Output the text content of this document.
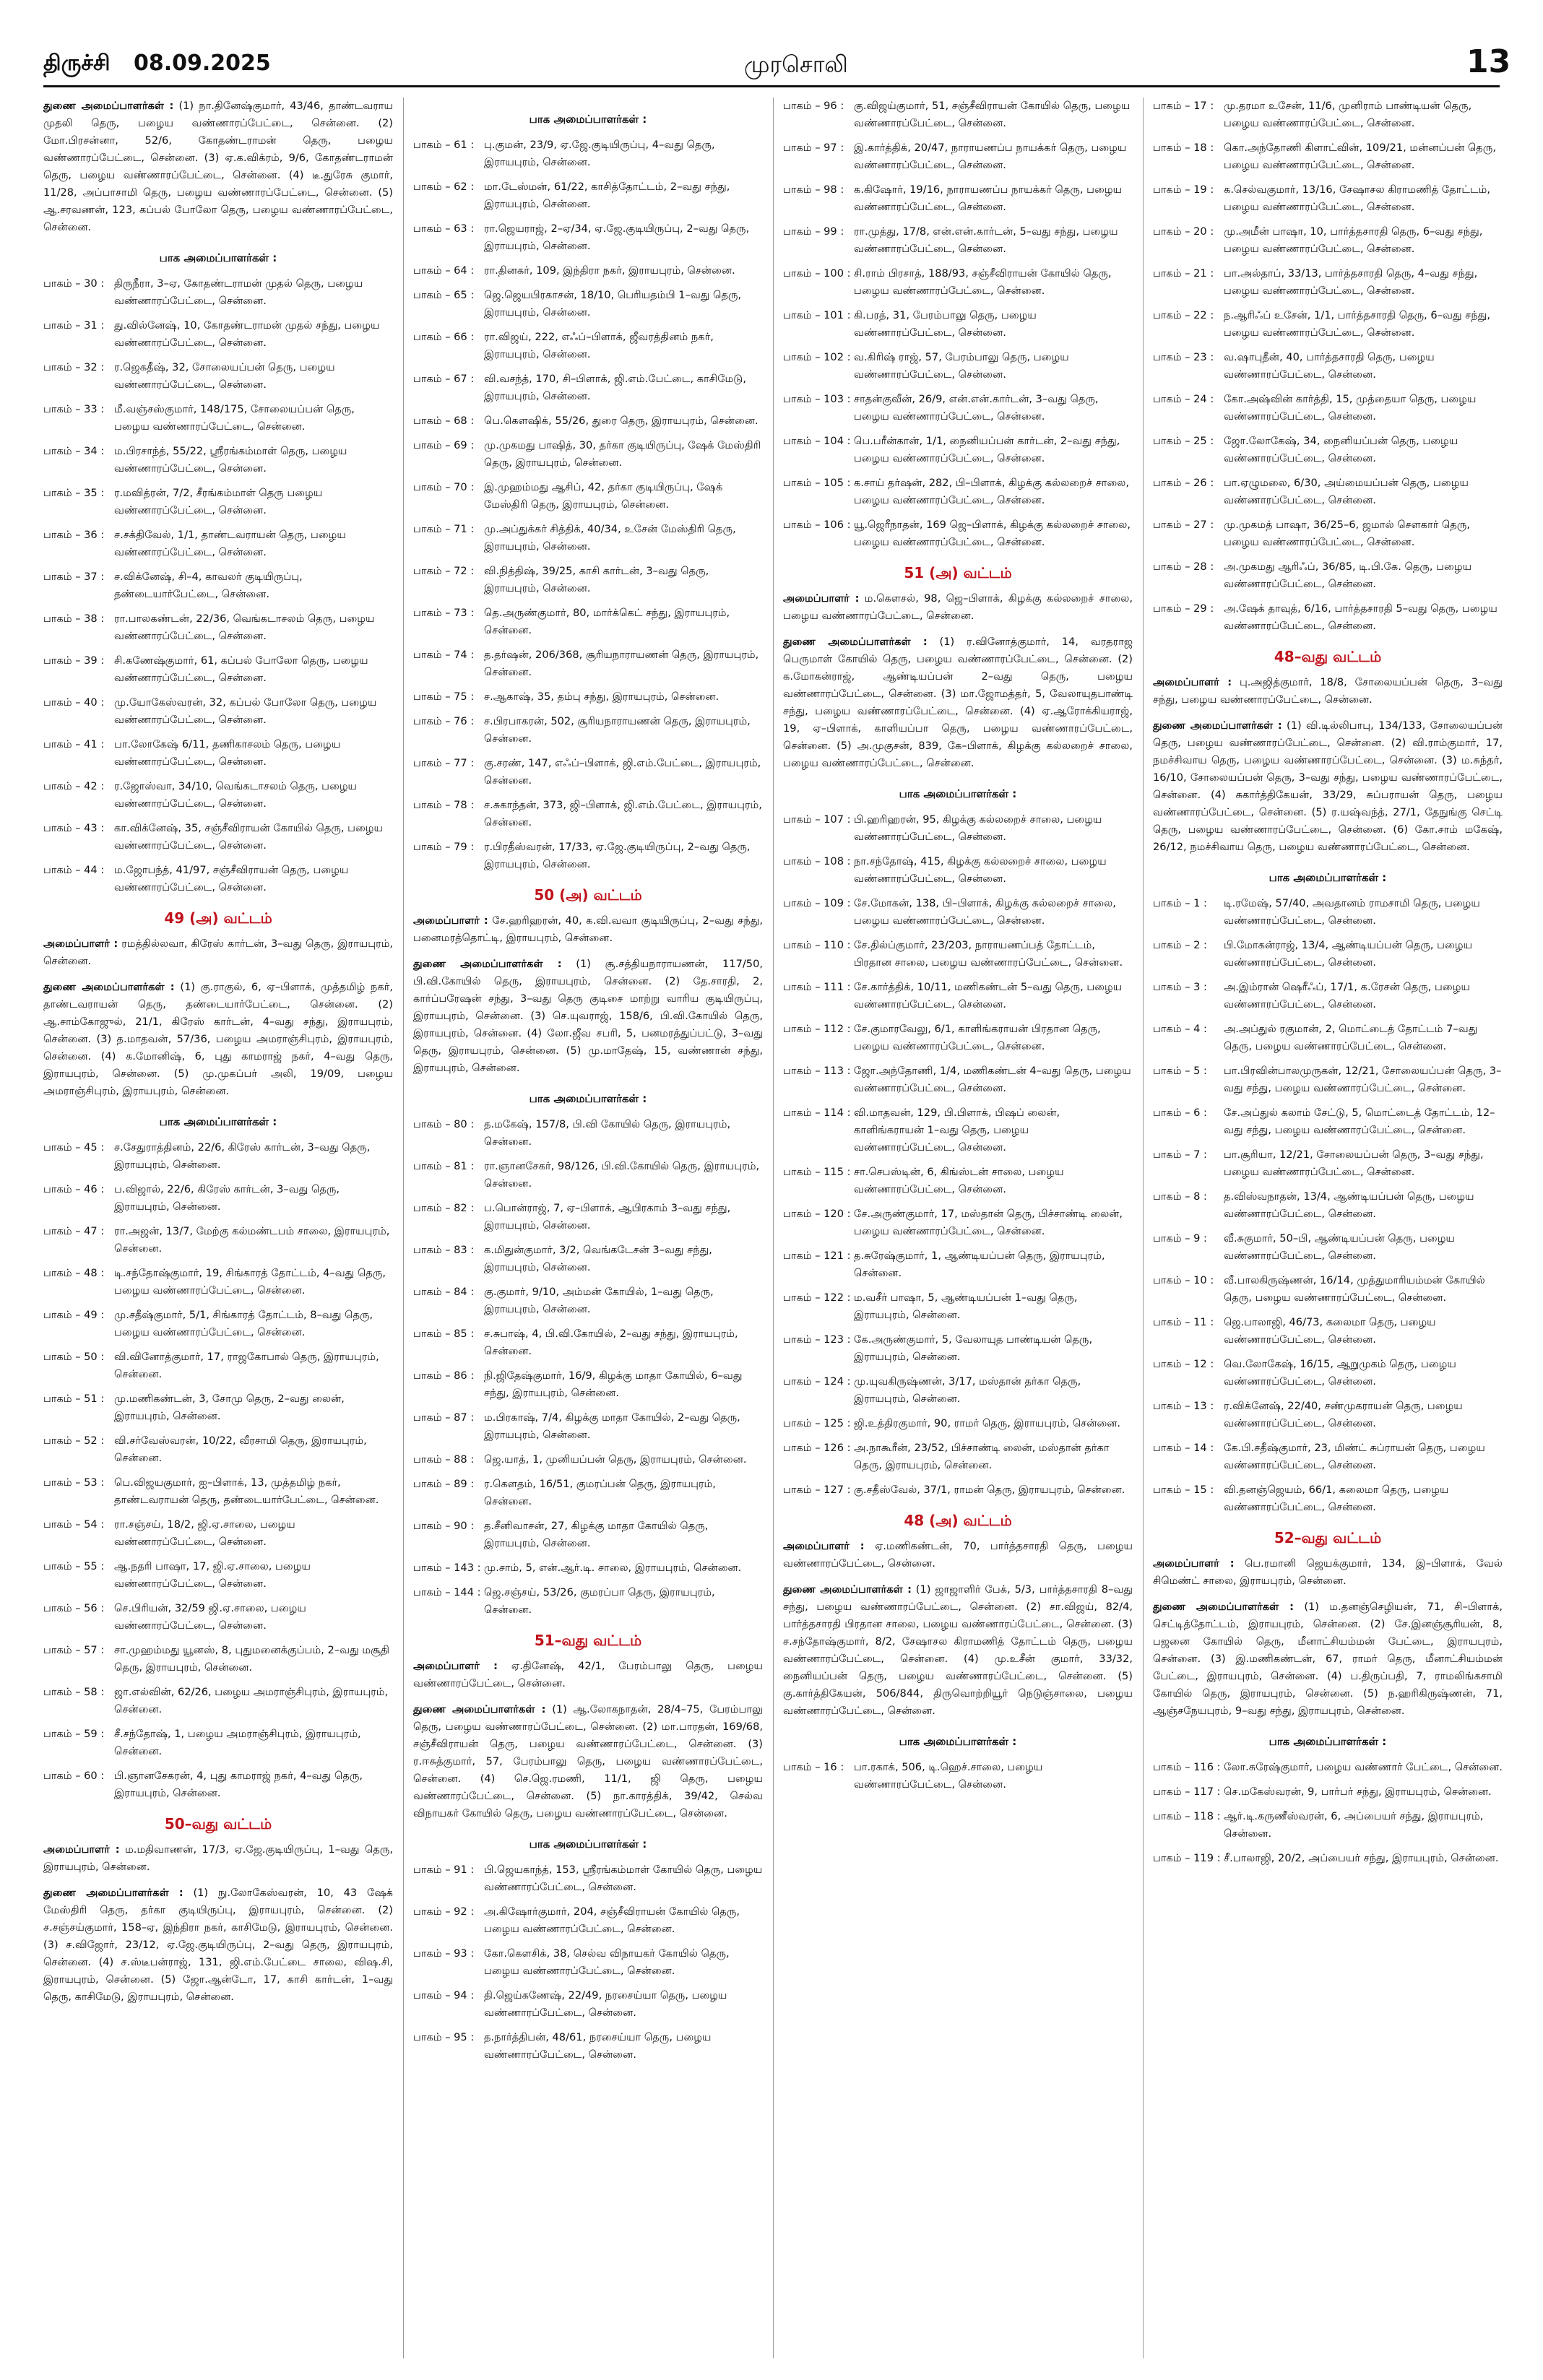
திருச்சி 08.09.2025	முரசொலி	13
துணை அமைப்பாளர்கள் : (1) நா.தினேஷ்குமார், 43/46, தாண்டவராய முதலி தெரு, பழைய வண்ணாரப்பேட்டை, சென்னை. (2) மோ.பிரசன்னா, 52/6, கோதண்டராமன் தெரு, பழைய வண்ணாரப்பேட்டை, சென்னை. (3) ஏ.க.விக்ரம், 9/6, கோதண்டராமன் தெரு, பழைய வண்ணாரப்பேட்டை, சென்னை. (4) டீ.துரேசு குமார், 11/28, அப்பாசாமி தெரு, பழைய வண்ணாரப்பேட்டை, சென்னை. (5) ஆ.சரவணன், 123, கப்பல் போலோ தெரு, பழைய வண்ணாரப்பேட்டை, சென்னை.
பாக அமைப்பாளர்கள் :
பாகம் – 30 : திருநீரா, 3–ஏ, கோதண்டராமன் முதல் தெரு, பழைய வண்ணாரப்பேட்டை, சென்னை.
பாகம் – 31 : து.வில்னேஷ், 10, கோதண்டராமன் முதல் சந்து, பழைய வண்ணாரப்பேட்டை, சென்னை.
பாகம் – 32 : ர.ஜெகதீஷ், 32, சோலையப்பன் தெரு, பழைய வண்ணாரப்பேட்டை, சென்னை.
பாகம் – 33 : மீ.வஞ்சஸ்குமார், 148/175, சோலையப்பன் தெரு, பழைய வண்ணாரப்பேட்டை, சென்னை.
பாகம் – 34 : ம.பிரசாந்த், 55/22, ஸ்ரீரங்கம்மாள் தெரு, பழைய வண்ணாரப்பேட்டை, சென்னை.
பாகம் – 35 : ர.மவித்ரன், 7/2, சீரங்கம்மாள் தெரு பழைய வண்ணாரப்பேட்டை, சென்னை.
பாகம் – 36 : ச.சக்திவேல், 1/1, தாண்டவராயன் தெரு, பழைய வண்ணாரப்பேட்டை, சென்னை.
பாகம் – 37 : ச.விக்னேஷ், சி–4, காவலர் குடியிருப்பு, தண்டையார்பேட்டை, சென்னை.
பாகம் – 38 : ரா.பாலகண்டன், 22/36, வெங்கடாசலம் தெரு, பழைய வண்ணாரப்பேட்டை, சென்னை.
பாகம் – 39 : சி.கணேஷ்குமார், 61, கப்பல் போலோ தெரு, பழைய வண்ணாரப்பேட்டை, சென்னை.
பாகம் – 40 : மு.யோகேஸ்வரன், 32, கப்பல் போலோ தெரு, பழைய வண்ணாரப்பேட்டை, சென்னை.
பாகம் – 41 : பா.லோகேஷ் 6/11, தணிகாசலம் தெரு, பழைய வண்ணாரப்பேட்டை, சென்னை.
பாகம் – 42 : ர.ஜோஸ்வா, 34/10, வெங்கடாசலம் தெரு, பழைய வண்ணாரப்பேட்டை, சென்னை.
பாகம் – 43 : கா.விக்னேஷ், 35, சஞ்சீவிராயன் கோயில் தெரு, பழைய வண்ணாரப்பேட்டை, சென்னை.
பாகம் – 44 : ம.ஜோபந்த், 41/97, சஞ்சீவிராயன் தெரு, பழைய வண்ணாரப்பேட்டை, சென்னை.
49 (அ) வட்டம்
அமைப்பாளர் : ரமத்தில்லவா, கிரேஸ் கார்டன், 3–வது தெரு, இராயபுரம், சென்னை.
துணை அமைப்பாளர்கள் : (1) கு.ராகுல், 6, ஏ–பிளாக், முத்தமிழ் நகர், தாண்டவராயன் தெரு, தண்டையார்பேட்டை, சென்னை. (2) ஆ.சாம்கோஜுல், 21/1, கிரேஸ் கார்டன், 4–வது சந்து, இராயபுரம், சென்னை. (3) த.மாதவன், 57/36, பழைய அமராஞ்சிபுரம், இராயபுரம், சென்னை. (4) க.மோனிஷ், 6, புது காமராஜ் நகர், 4–வது தெரு, இராயபுரம், சென்னை. (5) மு.முகப்பர் அலி, 19/09, பழைய அமராஞ்சிபுரம், இராயபுரம், சென்னை.
பாக அமைப்பாளர்கள் :
பாகம் – 45 : ச.சேதுராத்தினம், 22/6, கிரேஸ் கார்டன், 3–வது தெரு, இராயபுரம், சென்னை.
பாகம் – 46 : ப.விஜால், 22/6, கிரேஸ் கார்டன், 3–வது தெரு, இராயபுரம், சென்னை.
பாகம் – 47 : ரா.அஜன், 13/7, மேற்கு கல்மண்டபம் சாலை, இராயபுரம், சென்னை.
பாகம் – 48 : டி.சந்தோஷ்குமார், 19, சிங்காரத் தோட்டம், 4–வது தெரு, பழைய வண்ணாரப்பேட்டை, சென்னை.
பாகம் – 49 : மு.சதீஷ்குமார், 5/1, சிங்காரத் தோட்டம், 8–வது தெரு, பழைய வண்ணாரப்பேட்டை, சென்னை.
பாகம் – 50 : வி.வினோத்குமார், 17, ராஜகோபால் தெரு, இராயபுரம், சென்னை.
பாகம் – 51 : மு.மணிகண்டன், 3, சோமு தெரு, 2–வது லைன், இராயபுரம், சென்னை.
பாகம் – 52 : வி.சர்வேஸ்வரன், 10/22, வீரசாமி தெரு, இராயபுரம், சென்னை.
பாகம் – 53 : பெ.விஜயகுமார், ஐ–பிளாக், 13, முத்தமிழ் நகர், தாண்டவராயன் தெரு, தண்டையார்பேட்டை, சென்னை.
பாகம் – 54 : ரா.சஞ்சய், 18/2, ஜி.ஏ.சாலை, பழைய வண்ணாரப்பேட்டை, சென்னை.
பாகம் – 55 : ஆ.நதரி பாஷா, 17, ஜி.ஏ.சாலை, பழைய வண்ணாரப்பேட்டை, சென்னை.
பாகம் – 56 : செ.பிரியன், 32/59 ஜி.ஏ.சாலை, பழைய வண்ணாரப்பேட்டை, சென்னை.
பாகம் – 57 : சா.முஹம்மது யூனஸ், 8, புதுமனைக்குப்பம், 2–வது மசூதி தெரு, இராயபுரம், சென்னை.
பாகம் – 58 : ஜா.எல்வின், 62/26, பழைய அமராஞ்சிபுரம், இராயபுரம், சென்னை.
பாகம் – 59 : சீ.சந்தோஷ், 1, பழைய அமராஞ்சிபுரம், இராயபுரம், சென்னை.
பாகம் – 60 : பி.ஞானசேகரன், 4, புது காமராஜ் நகர், 4–வது தெரு, இராயபுரம், சென்னை.
50–வது வட்டம்
அமைப்பாளர் : ம.மதிவாணன், 17/3, ஏ.ஜே.குடியிருப்பு, 1–வது தெரு, இராயபுரம், சென்னை.
துணை அமைப்பாளர்கள் : (1) நு.லோகேஸ்வரன், 10, 43 ஷேக் மேஸ்திரி தெரு, தர்கா குடியிருப்பு, இராயபுரம், சென்னை. (2) ச.சஞ்சய்குமார், 158–ஏ, இந்திரா நகர், காசிமேடு, இராயபுரம், சென்னை. (3) ச.விஜோர், 23/12, ஏ.ஜே.குடியிருப்பு, 2–வது தெரு, இராயபுரம், சென்னை. (4) ச.ஸ்டீபன்ராஜ், 131, ஜி.எம்.பேட்டை சாலை, விஷ.சி, இராயபுரம், சென்னை. (5) ஜோ.ஆன்டோ, 17, காசி கார்டன், 1–வது தெரு, காசிமேடு, இராயபுரம், சென்னை.
பாக அமைப்பாளர்கள் :
பாகம் – 61 : பு.குமன், 23/9, ஏ.ஜே.குடியிருப்பு, 4–வது தெரு, இராயபுரம், சென்னை.
பாகம் – 62 : மா.டேஸ்மன், 61/22, காசித்தோட்டம், 2–வது சந்து, இராயபுரம், சென்னை.
பாகம் – 63 : ரா.ஜெயராஜ், 2–ஏ/34, ஏ.ஜே.குடியிருப்பு, 2–வது தெரு, இராயபுரம், சென்னை.
பாகம் – 64 : ரா.தினகர், 109, இந்திரா நகர், இராயபுரம், சென்னை.
பாகம் – 65 : ஜெ.ஜெயபிரகாசன், 18/10, பெரியதம்பி 1–வது தெரு, இராயபுரம், சென்னை.
பாகம் – 66 : ரா.விஜய், 222, எஃப்–பிளாக், ஜீவரத்தினம் நகர், இராயபுரம், சென்னை.
பாகம் – 67 : வி.வசந்த், 170, சி–பிளாக், ஜி.எம்.பேட்டை, காசிமேடு, இராயபுரம், சென்னை.
பாகம் – 68 : பெ.கௌஷிக், 55/26, துரை தெரு, இராயபுரம், சென்னை.
பாகம் – 69 : மு.முகமது பாஷித், 30, தர்கா குடியிருப்பு, ஷேக் மேஸ்திரி தெரு, இராயபுரம், சென்னை.
பாகம் – 70 : இ.முஹம்மது ஆசிப், 42, தர்கா குடியிருப்பு, ஷேக் மேஸ்திரி தெரு, இராயபுரம், சென்னை.
பாகம் – 71 : மு.அப்துக்கர் சித்திக், 40/34, உசேன் மேஸ்திரி தெரு, இராயபுரம், சென்னை.
பாகம் – 72 : வி.நித்திஷ், 39/25, காசி கார்டன், 3–வது தெரு, இராயபுரம், சென்னை.
பாகம் – 73 : தெ.அருண்குமார், 80, மார்க்கெட் சந்து, இராயபுரம், சென்னை.
பாகம் – 74 : த.தர்ஷன், 206/368, சூரியநாராயணன் தெரு, இராயபுரம், சென்னை.
பாகம் – 75 : ச.ஆகாஷ், 35, தம்பு சந்து, இராயபுரம், சென்னை.
பாகம் – 76 : ச.பிரபாகரன், 502, சூரியநாராயணன் தெரு, இராயபுரம், சென்னை.
பாகம் – 77 : கு.சரண், 147, எஃப்–பிளாக், ஜி.எம்.பேட்டை, இராயபுரம், சென்னை.
பாகம் – 78 : ச.சுகாந்தன், 373, ஜி–பிளாக், ஜி.எம்.பேட்டை, இராயபுரம், சென்னை.
பாகம் – 79 : ர.பிரதீஸ்வரன், 17/33, ஏ.ஜே.குடியிருப்பு, 2–வது தெரு, இராயபுரம், சென்னை.
50 (அ) வட்டம்
அமைப்பாளர் : சே.ஹரிஹரன், 40, க.வி.வவா குடியிருப்பு, 2–வது சந்து, பனைமரத்தொட்டி, இராயபுரம், சென்னை.
துணை அமைப்பாளர்கள் : (1) சூ.சத்தியநாராயணன், 117/50, பி.வி.கோயில் தெரு, இராயபுரம், சென்னை. (2) தே.சாரதி, 2, கார்ப்பரேஷன் சந்து, 3–வது தெரு குடிசை மாற்று வாரிய குடியிருப்பு, இராயபுரம், சென்னை. (3) செ.யுவராஜ், 158/6, பி.வி.கோயில் தெரு, இராயபுரம், சென்னை. (4) லோ.ஜீவ சபரி, 5, பனமரத்துப்பட்டு, 3–வது தெரு, இராயபுரம், சென்னை. (5) மு.மாதேஷ், 15, வண்ணான் சந்து, இராயபுரம், சென்னை.
பாக அமைப்பாளர்கள் :
பாகம் – 80 : த.மகேஷ், 157/8, பி.வி கோயில் தெரு, இராயபுரம், சென்னை.
பாகம் – 81 : ரா.ஞானசேகர், 98/126, பி.வி.கோயில் தெரு, இராயபுரம், சென்னை.
பாகம் – 82 : ப.பொன்ராஜ், 7, ஏ–பிளாக், ஆபிரகாம் 3–வது சந்து, இராயபுரம், சென்னை.
பாகம் – 83 : க.மிதுன்குமார், 3/2, வெங்கடேசன் 3–வது சந்து, இராயபுரம், சென்னை.
பாகம் – 84 : கு.குமார், 9/10, அம்மன் கோயில், 1–வது தெரு, இராயபுரம், சென்னை.
பாகம் – 85 : ச.சுபாஷ், 4, பி.வி.கோயில், 2–வது சந்து, இராயபுரம், சென்னை.
பாகம் – 86 : நி.ஜிதேஷ்குமார், 16/9, கிழக்கு மாதா கோயில், 6–வது சந்து, இராயபுரம், சென்னை.
பாகம் – 87 : ம.பிரகாஷ், 7/4, கிழக்கு மாதா கோயில், 2–வது தெரு, இராயபுரம், சென்னை.
பாகம் – 88 : ஜெ.யாத், 1, முனியப்பன் தெரு, இராயபுரம், சென்னை.
பாகம் – 89 : ர.கௌதம், 16/51, குமரப்பன் தெரு, இராயபுரம், சென்னை.
பாகம் – 90 : த.சீனிவாசன், 27, கிழக்கு மாதா கோயில் தெரு, இராயபுரம், சென்னை.
பாகம் – 143 : மு.சாம், 5, என்.ஆர்.டி. சாலை, இராயபுரம், சென்னை.
பாகம் – 144 : ஜெ.சஞ்சய், 53/26, குமரப்பா தெரு, இராயபுரம், சென்னை.
51–வது வட்டம்
அமைப்பாளர் : ஏ.தினேஷ், 42/1, பேரம்பாலு தெரு, பழைய வண்ணாரப்பேட்டை, சென்னை.
துணை அமைப்பாளர்கள் : (1) ஆ.லோகநாதன், 28/4–75, பேரம்பாலு தெரு, பழைய வண்ணாரப்பேட்டை, சென்னை. (2) மா.பாரதன், 169/68, சஞ்சீவிராயன் தெரு, பழைய வண்ணாரப்பேட்டை, சென்னை. (3) ர.ஈசுத்குமார், 57, பேரம்பாலு தெரு, பழைய வண்ணாரப்பேட்டை, சென்னை. (4) செ.ஜெ.ரமணி, 11/1, ஜி தெரு, பழைய வண்ணாரப்பேட்டை, சென்னை. (5) நா.காரத்திக், 39/42, செல்வ விநாயகர் கோயில் தெரு, பழைய வண்ணாரப்பேட்டை, சென்னை.
பாக அமைப்பாளர்கள் :
பாகம் – 91 : பி.ஜெயகாந்த், 153, ஸ்ரீரங்கம்மாள் கோயில் தெரு, பழைய வண்ணாரப்பேட்டை, சென்னை.
பாகம் – 92 : அ.கிஷோர்குமார், 204, சஞ்சீவிராயன் கோயில் தெரு, பழைய வண்ணாரப்பேட்டை, சென்னை.
பாகம் – 93 : கோ.கௌசிக், 38, செல்வ விநாயகர் கோயில் தெரு, பழைய வண்ணாரப்பேட்டை, சென்னை.
பாகம் – 94 : தி.ஜெய்கணேஷ், 22/49, நரசைய்யா தெரு, பழைய வண்ணாரப்பேட்டை, சென்னை.
பாகம் – 95 : த.நார்த்திபன், 48/61, நரசைய்யா தெரு, பழைய வண்ணாரப்பேட்டை, சென்னை.
பாகம் – 96 : கு.விஜய்குமார், 51, சஞ்சீவிராயன் கோயில் தெரு, பழைய வண்ணாரப்பேட்டை, சென்னை.
பாகம் – 97 : இ.கார்த்திக், 20/47, நாராயணப்ப நாயக்கர் தெரு, பழைய வண்ணாரப்பேட்டை, சென்னை.
பாகம் – 98 : க.கிஷோர், 19/16, நாராயணப்ப நாயக்கர் தெரு, பழைய வண்ணாரப்பேட்டை, சென்னை.
பாகம் – 99 : ரா.முத்து, 17/8, என்.என்.கார்டன், 5–வது சந்து, பழைய வண்ணாரப்பேட்டை, சென்னை.
பாகம் – 100 : சி.ராம் பிரசாத், 188/93, சஞ்சீவிராயன் கோயில் தெரு, பழைய வண்ணாரப்பேட்டை, சென்னை.
பாகம் – 101 : கி.பரத், 31, பேரம்பாலு தெரு, பழைய வண்ணாரப்பேட்டை, சென்னை.
பாகம் – 102 : வ.கிரிஷ் ராஜ், 57, பேரம்பாலு தெரு, பழைய வண்ணாரப்பேட்டை, சென்னை.
பாகம் – 103 : சாதன்குவீன், 26/9, என்.என்.கார்டன், 3–வது தெரு, பழைய வண்ணாரப்பேட்டை, சென்னை.
பாகம் – 104 : பெ.பரீன்கான், 1/1, நைனியப்பன் கார்டன், 2–வது சந்து, பழைய வண்ணாரப்பேட்டை, சென்னை.
பாகம் – 105 : க.சாய் தர்ஷன், 282, பி–பிளாக், கிழக்கு கல்லறைச் சாலை, பழைய வண்ணாரப்பேட்டை, சென்னை.
பாகம் – 106 : யூ.ஜெரீநாதன், 169 ஜெ–பிளாக், கிழக்கு கல்லறைச் சாலை, பழைய வண்ணாரப்பேட்டை, சென்னை.
51 (அ) வட்டம்
அமைப்பாளர் : ம.கௌசல், 98, ஜெ–பிளாக், கிழக்கு கல்லறைச் சாலை, பழைய வண்ணாரப்பேட்டை, சென்னை.
துணை அமைப்பாளர்கள் : (1) ர.வினோத்குமார், 14, வரதராஜ பெருமாள் கோயில் தெரு, பழைய வண்ணாரப்பேட்டை, சென்னை. (2) க.மோகன்ராஜ், ஆண்டியப்பன் 2–வது தெரு, பழைய வண்ணாரப்பேட்டை, சென்னை. (3) மா.ஜோமத்தர், 5, வேலாயுதபாண்டி சந்து, பழைய வண்ணாரப்பேட்டை, சென்னை. (4) ஏ.ஆரோக்கியராஜ், 19, ஏ–பிளாக், காளியப்பா தெரு, பழைய வண்ணாரப்பேட்டை, சென்னை. (5) அ.முகுசன், 839, கே–பிளாக், கிழக்கு கல்லறைச் சாலை, பழைய வண்ணாரப்பேட்டை, சென்னை.
பாக அமைப்பாளர்கள் :
பாகம் – 107 : பி.ஹரிஹரன், 95, கிழக்கு கல்லறைச் சாலை, பழைய வண்ணாரப்பேட்டை, சென்னை.
பாகம் – 108 : நா.சந்தோஷ், 415, கிழக்கு கல்லறைச் சாலை, பழைய வண்ணாரப்பேட்டை, சென்னை.
பாகம் – 109 : சே.மோகன், 138, பி–பிளாக், கிழக்கு கல்லறைச் சாலை, பழைய வண்ணாரப்பேட்டை, சென்னை.
பாகம் – 110 : சே.தில்ப்குமார், 23/203, நாராயணப்பத் தோட்டம், பிரதான சாலை, பழைய வண்ணாரப்பேட்டை, சென்னை.
பாகம் – 111 : சே.கார்த்திக், 10/11, மணிகண்டன் 5–வது தெரு, பழைய வண்ணாரப்பேட்டை, சென்னை.
பாகம் – 112 : சே.குமாரவேலு, 6/1, காளிங்கராயன் பிரதான தெரு, பழைய வண்ணாரப்பேட்டை, சென்னை.
பாகம் – 113 : ஜோ.அந்தோணி, 1/4, மணிகண்டன் 4–வது தெரு, பழைய வண்ணாரப்பேட்டை, சென்னை.
பாகம் – 114 : வி.மாதவன், 129, பி.பிளாக், பிஷப் லைன், காளிங்கராயன் 1–வது தெரு, பழைய வண்ணாரப்பேட்டை, சென்னை.
பாகம் – 115 : சா.செபஸ்டின், 6, கிங்ஸ்டன் சாலை, பழைய வண்ணாரப்பேட்டை, சென்னை.
பாகம் – 120 : சே.அருண்குமார், 17, மஸ்தான் தெரு, பிச்சாண்டி லைன், பழைய வண்ணாரப்பேட்டை, சென்னை.
பாகம் – 121 : த.சுரேஷ்குமார், 1, ஆண்டியப்பன் தெரு, இராயபுரம், சென்னை.
பாகம் – 122 : ம.வசீர் பாஷா, 5, ஆண்டியப்பன் 1–வது தெரு, இராயபுரம், சென்னை.
பாகம் – 123 : கே.அருண்குமார், 5, வேலாயுத பாண்டியன் தெரு, இராயபுரம், சென்னை.
பாகம் – 124 : மு.யுவகிருஷ்ணன், 3/17, மஸ்தான் தர்கா தெரு, இராயபுரம், சென்னை.
பாகம் – 125 : ஜி.உத்திரகுமார், 90, ராமர் தெரு, இராயபுரம், சென்னை.
பாகம் – 126 : அ.நாகூரீன், 23/52, பிச்சாண்டி லைன், மஸ்தான் தர்கா தெரு, இராயபுரம், சென்னை.
பாகம் – 127 : கு.சதீஸ்வேல், 37/1, ராமன் தெரு, இராயபுரம், சென்னை.
48 (அ) வட்டம்
அமைப்பாளர் : ஏ.மணிகண்டன், 70, பார்த்தசாரதி தெரு, பழைய வண்ணாரப்பேட்டை, சென்னை.
துணை அமைப்பாளர்கள் : (1) ஜாஜாளிர் பேக், 5/3, பார்த்தசாரதி 8–வது சந்து, பழைய வண்ணாரப்பேட்டை, சென்னை. (2) சா.விஜய், 82/4, பார்த்தசாரதி பிரதான சாலை, பழைய வண்ணாரப்பேட்டை, சென்னை. (3) ச.சந்தோஷ்குமார், 8/2, சேஷாசல கிராமணித் தோட்டம் தெரு, பழைய வண்ணாரப்பேட்டை, சென்னை. (4) மு.உசீன் குமார், 33/32, நைனியப்பன் தெரு, பழைய வண்ணாரப்பேட்டை, சென்னை. (5) கு.கார்த்திகேயன், 506/844, திருவொற்றியூர் நெடுஞ்சாலை, பழைய வண்ணாரப்பேட்டை, சென்னை.
பாக அமைப்பாளர்கள் :
பாகம் – 16 : பா.ரகாக், 506, டி.ஹெச்.சாலை, பழைய வண்ணாரப்பேட்டை, சென்னை.
பாகம் – 17 : மு.தரமா உசேன், 11/6, முனிராம் பாண்டியன் தெரு, பழைய வண்ணாரப்பேட்டை, சென்னை.
பாகம் – 18 : கொ.அந்தோணி கிளாட்வின், 109/21, மன்னப்பன் தெரு, பழைய வண்ணாரப்பேட்டை, சென்னை.
பாகம் – 19 : க.செல்வகுமார், 13/16, சேஷாசல கிராமணித் தோட்டம், பழைய வண்ணாரப்பேட்டை, சென்னை.
பாகம் – 20 : மு.அமீன் பாஷா, 10, பார்த்தசாரதி தெரு, 6–வது சந்து, பழைய வண்ணாரப்பேட்டை, சென்னை.
பாகம் – 21 : பா.அல்தாப், 33/13, பார்த்தசாரதி தெரு, 4–வது சந்து, பழைய வண்ணாரப்பேட்டை, சென்னை.
பாகம் – 22 : ந.ஆரிஃப் உசேன், 1/1, பார்த்தசாரதி தெரு, 6–வது சந்து, பழைய வண்ணாரப்பேட்டை, சென்னை.
பாகம் – 23 : வ.ஷாபுதீன், 40, பார்த்தசாரதி தெரு, பழைய வண்ணாரப்பேட்டை, சென்னை.
பாகம் – 24 : கோ.அஷ்வின் கார்த்தி, 15, முத்தையா தெரு, பழைய வண்ணாரப்பேட்டை, சென்னை.
பாகம் – 25 : ஜோ.லோகேஷ், 34, நைனியப்பன் தெரு, பழைய வண்ணாரப்பேட்டை, சென்னை.
பாகம் – 26 : பா.ஏழுமலை, 6/30, அய்மையப்பன் தெரு, பழைய வண்ணாரப்பேட்டை, சென்னை.
பாகம் – 27 : மு.முகமத் பாஷா, 36/25–6, ஜமால் சௌகார் தெரு, பழைய வண்ணாரப்பேட்டை, சென்னை.
பாகம் – 28 : அ.முகமது ஆரிஃப், 36/85, டி.பி.கே. தெரு, பழைய வண்ணாரப்பேட்டை, சென்னை.
பாகம் – 29 : அ.ஷேக் தாவுத், 6/16, பார்த்தசாரதி 5–வது தெரு, பழைய வண்ணாரப்பேட்டை, சென்னை.
48–வது வட்டம்
அமைப்பாளர் : பு.அஜித்குமார், 18/8, சோலையப்பன் தெரு, 3–வது சந்து, பழைய வண்ணாரப்பேட்டை, சென்னை.
துணை அமைப்பாளர்கள் : (1) வி.டில்லிபாபு, 134/133, சோலையப்பன் தெரு, பழைய வண்ணாரப்பேட்டை, சென்னை. (2) வி.ராம்குமார், 17, நமச்சிவாய தெரு, பழைய வண்ணாரப்பேட்டை, சென்னை. (3) ம.சுந்தர், 16/10, சோலையப்பன் தெரு, 3–வது சந்து, பழைய வண்ணாரப்பேட்டை, சென்னை. (4) சுகார்த்திகேயன், 33/29, சுப்பராயன் தெரு, பழைய வண்ணாரப்பேட்டை, சென்னை. (5) ர.யஷ்வந்த், 27/1, தேநுங்கு செட்டி தெரு, பழைய வண்ணாரப்பேட்டை, சென்னை. (6) கோ.சாம் மகேஷ், 26/12, நமச்சிவாய தெரு, பழைய வண்ணாரப்பேட்டை, சென்னை.
பாக அமைப்பாளர்கள் :
பாகம் – 1 :	டி.ரமேஷ், 57/40, அவதானம் ராமசாமி தெரு, பழைய வண்ணாரப்பேட்டை, சென்னை.
பாகம் – 2 :	பி.மோகன்ராஜ், 13/4, ஆண்டியப்பன் தெரு, பழைய வண்ணாரப்பேட்டை, சென்னை.
பாகம் – 3 :	அ.இம்ரான் ஷெரீஃப், 17/1, க.ரேசன் தெரு, பழைய வண்ணாரப்பேட்டை, சென்னை.
பாகம் – 4 :	அ.அப்துல் ரகுமான், 2, மொட்டைத் தோட்டம் 7–வது தெரு, பழைய வண்ணாரப்பேட்டை, சென்னை.
பாகம் – 5 :	பா.பிரவின்பாலமுருகன், 12/21, சோலையப்பன் தெரு, 3–வது சந்து, பழைய வண்ணாரப்பேட்டை, சென்னை.
பாகம் – 6 :	சே.அப்துல் கலாம் சேட்டு, 5, மொட்டைத் தோட்டம், 12–வது சந்து, பழைய வண்ணாரப்பேட்டை, சென்னை.
பாகம் – 7 :	பா.சூரியா, 12/21, சோலையப்பன் தெரு, 3–வது சந்து, பழைய வண்ணாரப்பேட்டை, சென்னை.
பாகம் – 8 :	த.விஸ்வநாதன், 13/4, ஆண்டியப்பன் தெரு, பழைய வண்ணாரப்பேட்டை, சென்னை.
பாகம் – 9 :	வீ.சுகுமார், 50–பி, ஆண்டியப்பன் தெரு, பழைய வண்ணாரப்பேட்டை, சென்னை.
பாகம் – 10 : வீ.பாலகிருஷ்ணன், 16/14, முத்துமாரியம்மன் கோயில் தெரு, பழைய வண்ணாரப்பேட்டை, சென்னை.
பாகம் – 11 : ஜெ.பாலாஜி, 46/73, கலைமா தெரு, பழைய வண்ணாரப்பேட்டை, சென்னை.
பாகம் – 12 : வெ.லோகேஷ், 16/15, ஆறுமுகம் தெரு, பழைய வண்ணாரப்பேட்டை, சென்னை.
பாகம் – 13 : ர.விக்னேஷ், 22/40, சண்முகராயன் தெரு, பழைய வண்ணாரப்பேட்டை, சென்னை.
பாகம் – 14 : கே.பி.சதீஷ்குமார், 23, மிண்ட் சுப்ராயன் தெரு, பழைய வண்ணாரப்பேட்டை, சென்னை.
பாகம் – 15 : வி.தனஞ்ஜெயம், 66/1, கலைமா தெரு, பழைய வண்ணாரப்பேட்டை, சென்னை.
52–வது வட்டம்
அமைப்பாளர் : பெ.ரமானி ஜெயக்குமார், 134, இ–பிளாக், வேல் சிமெண்ட் சாலை, இராயபுரம், சென்னை.
துணை அமைப்பாளர்கள் : (1) ம.தனஞ்செழியன், 71, சி–பிளாக், செட்டித்தோட்டம், இராயபுரம், சென்னை. (2) சே.இனஞ்சூரியன், 8, பஜனை கோயில் தெரு, மீனாட்சியம்மன் பேட்டை, இராயபுரம், சென்னை. (3) இ.மணிகண்டன், 67, ராமர் தெரு, மீனாட்சியம்மன் பேட்டை, இராயபுரம், சென்னை. (4) ப.திருப்பதி, 7, ராமலிங்கசாமி கோயில் தெரு, இராயபுரம், சென்னை. (5) ந.ஹரிகிருஷ்ணன், 71, ஆஞ்சநேயபுரம், 9–வது சந்து, இராயபுரம், சென்னை.
பாக அமைப்பாளர்கள் :
பாகம் – 116 : லோ.சுரேஷ்குமார், பழைய வண்ணார் பேட்டை, சென்னை.
பாகம் – 117 : செ.மகேஸ்வரன், 9, பார்பர் சந்து, இராயபுரம், சென்னை.
பாகம் – 118 : ஆர்.டி.கருணீஸ்வரன், 6, அப்பையர் சந்து, இராயபுரம், சென்னை.
பாகம் – 119 : சீ.பாலாஜி, 20/2, அப்பையர் சந்து, இராயபுரம், சென்னை.
